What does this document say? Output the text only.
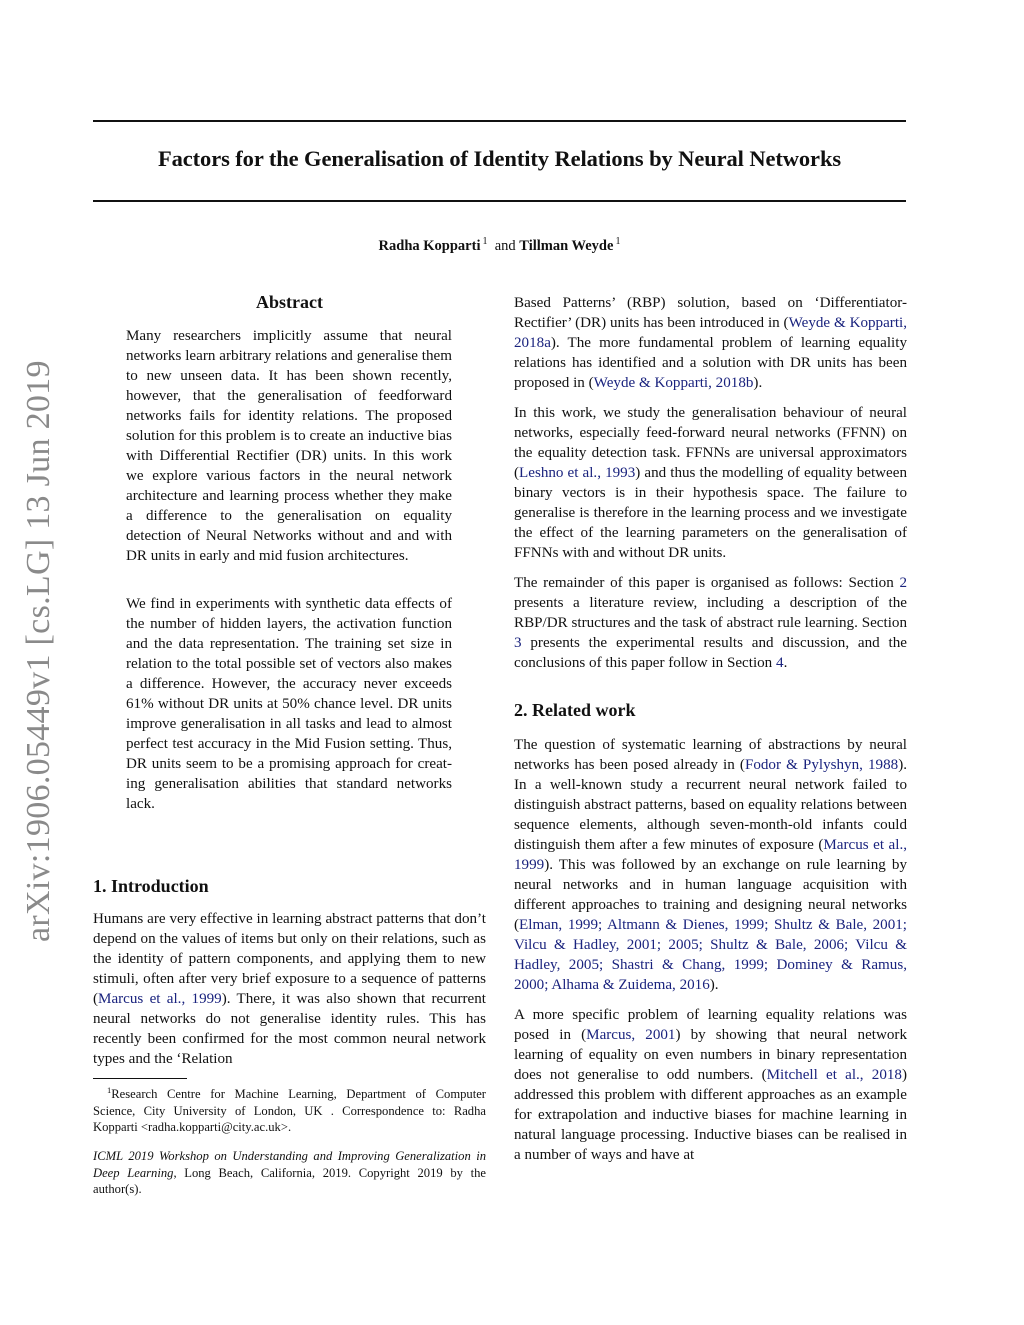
arXiv:1906.05449v1 [cs.LG] 13 Jun 2019
Factors for the Generalisation of Identity Relations by Neural Networks
Radha Kopparti $^1$ and Tillman Weyde $^1$
Abstract

Many researchers implicitly assume that neural networks learn arbitrary relations and generalise them to new unseen data. It has been shown recently, however, that the generalisation of feedforward networks fails for identity relations. The proposed solution for this problem is to create an inductive bias with Differential Rectifier (DR) units. In this work we explore various factors in the neural network architecture and learning process whether they make a difference to the generalisation on equality detection of Neural Networks without and and with DR units in early and mid fusion architectures.

We find in experiments with synthetic data effects of the number of hidden layers, the activation function and the data representation. The training set size in relation to the total possible set of vectors also makes a difference. However, the accuracy never exceeds 61% without DR units at 50% chance level. DR units improve generalisation in all tasks and lead to almost perfect test accuracy in the Mid Fusion setting. Thus, DR units seem to be a promising approach for creating generalisation abilities that standard networks lack.

1. Introduction

Humans are very effective in learning abstract patterns that don’t depend on the values of items but only on their relations, such as the identity of pattern components, and applying them to new stimuli, often after very brief exposure to a sequence of patterns (Marcus et al., 1999). There, it was also shown that recurrent neural networks do not generalise identity rules. This has recently been confirmed for the most common neural network types and the ‘Relation

$^1$Research Centre for Machine Learning, Department of Computer Science, City University of London, UK . Correspondence to: Radha Kopparti <radha.kopparti@city.ac.uk>.
ICML 2019 Workshop on Understanding and Improving Generalization in Deep Learning, Long Beach, California, 2019. Copyright 2019 by the author(s).

Based Patterns’ (RBP) solution, based on ‘Differentiator-Rectifier’ (DR) units has been introduced in (Weyde & Kopparti, 2018a). The more fundamental problem of learning equality relations has identified and a solution with DR units has been proposed in (Weyde & Kopparti, 2018b).

In this work, we study the generalisation behaviour of neural networks, especially feed-forward neural networks (FFNN) on the equality detection task. FFNNs are universal approximators (Leshno et al., 1993) and thus the modelling of equality between binary vectors is in their hypothesis space. The failure to generalise is therefore in the learning process and we investigate the effect of the learning parameters on the generalisation of FFNNs with and without DR units.

The remainder of this paper is organised as follows: Section 2 presents a literature review, including a description of the RBP/DR structures and the task of abstract rule learning. Section 3 presents the experimental results and discussion, and the conclusions of this paper follow in Section 4.

2. Related work

The question of systematic learning of abstractions by neural networks has been posed already in (Fodor & Pylyshyn, 1988). In a well-known study a recurrent neural network failed to distinguish abstract patterns, based on equality relations between sequence elements, although seven-month-old infants could distinguish them after a few minutes of exposure (Marcus et al., 1999). This was followed by an exchange on rule learning by neural networks and in human language acquisition with different approaches to training and designing neural networks (Elman, 1999; Altmann & Dienes, 1999; Shultz & Bale, 2001; Vilcu & Hadley, 2001; 2005; Shultz & Bale, 2006; Vilcu & Hadley, 2005; Shastri & Chang, 1999; Dominey & Ramus, 2000; Alhama & Zuidema, 2016).

A more specific problem of learning equality relations was posed in (Marcus, 2001) by showing that neural network learning of equality on even numbers in binary representation does not generalise to odd numbers. (Mitchell et al., 2018) addressed this problem with different approaches as an example for extrapolation and inductive biases for machine learning in natural language processing. Inductive biases can be realised in a number of ways and have at
